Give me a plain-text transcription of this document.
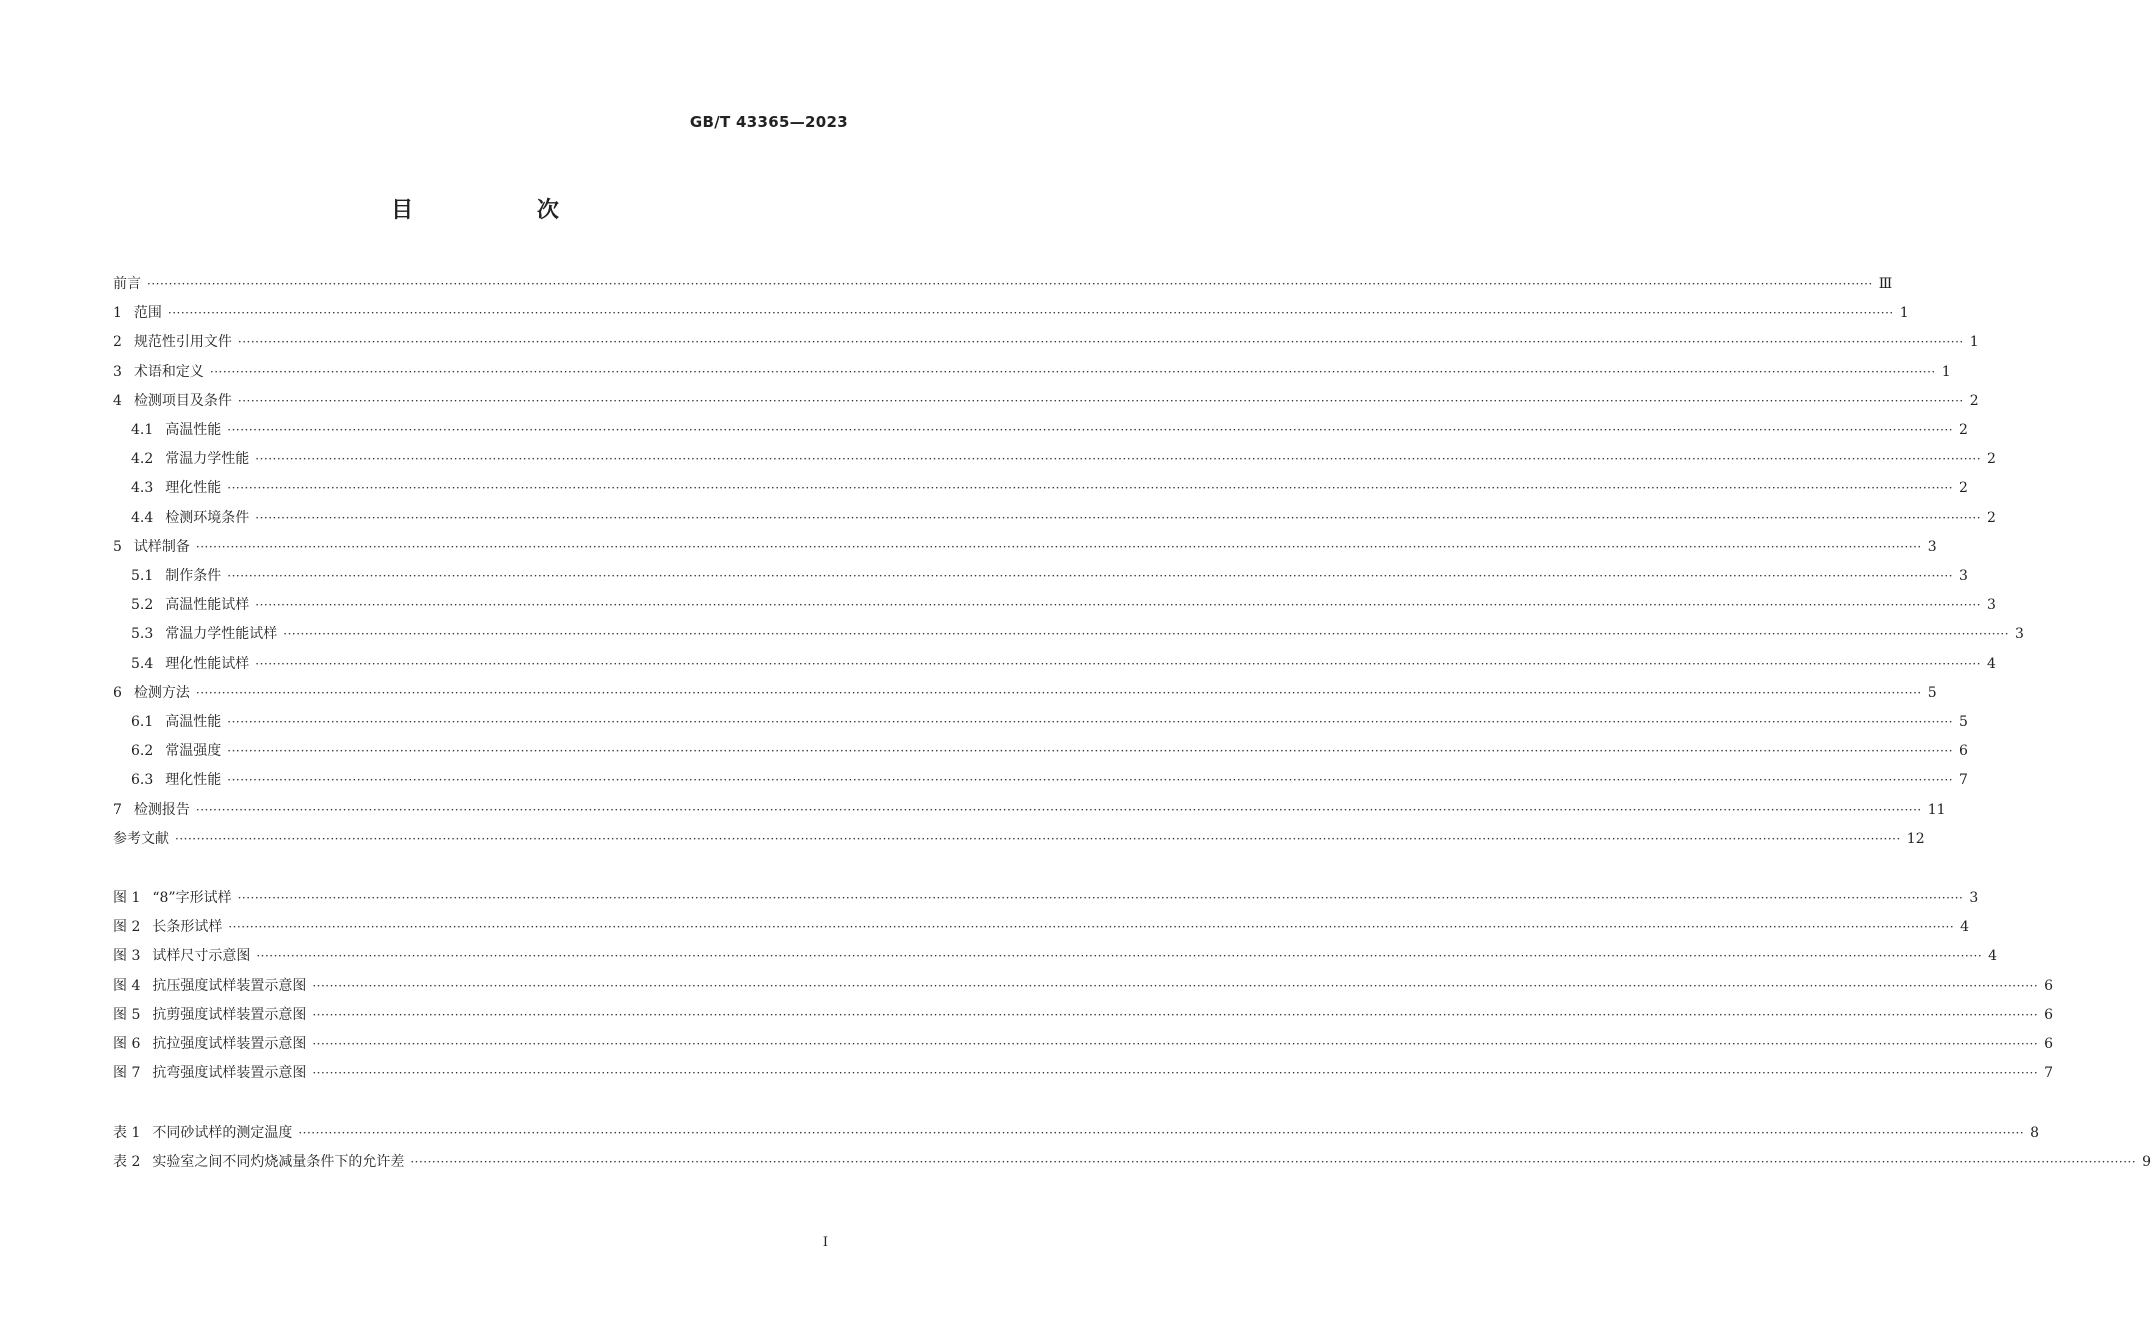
GB/T 43365—2023
目 次
前言 ················································································································································································································································································································································································································ Ⅲ
1 范围 ················································································································································································································································································································································································································ 1
2 规范性引用文件 ················································································································································································································································································································································································································ 1
3 术语和定义 ················································································································································································································································································································································································································ 1
4 检测项目及条件 ················································································································································································································································································································································································································ 2
4.1 高温性能 ················································································································································································································································································································································································································ 2
4.2 常温力学性能 ················································································································································································································································································································································································································ 2
4.3 理化性能 ················································································································································································································································································································································································································ 2
4.4 检测环境条件 ················································································································································································································································································································································································································ 2
5 试样制备 ················································································································································································································································································································································································································ 3
5.1 制作条件 ················································································································································································································································································································································································································ 3
5.2 高温性能试样 ················································································································································································································································································································································································································ 3
5.3 常温力学性能试样 ················································································································································································································································································································································································································ 3
5.4 理化性能试样 ················································································································································································································································································································································································································ 4
6 检测方法 ················································································································································································································································································································································································································ 5
6.1 高温性能 ················································································································································································································································································································································································································ 5
6.2 常温强度 ················································································································································································································································································································································································································ 6
6.3 理化性能 ················································································································································································································································································································································································································ 7
7 检测报告 ················································································································································································································································································································································································································ 11
参考文献 ················································································································································································································································································································································································································ 12
图 1 “8”字形试样 ················································································································································································································································································································································································································ 3
图 2 长条形试样 ················································································································································································································································································································································································································ 4
图 3 试样尺寸示意图 ················································································································································································································································································································································································································ 4
图 4 抗压强度试样装置示意图 ················································································································································································································································································································································································································ 6
图 5 抗剪强度试样装置示意图 ················································································································································································································································································································································································································ 6
图 6 抗拉强度试样装置示意图 ················································································································································································································································································································································································································ 6
图 7 抗弯强度试样装置示意图 ················································································································································································································································································································································································································ 7
表 1 不同砂试样的测定温度 ················································································································································································································································································································································································································ 8
表 2 实验室之间不同灼烧减量条件下的允许差 ················································································································································································································································································································································································································ 9
Ⅰ
